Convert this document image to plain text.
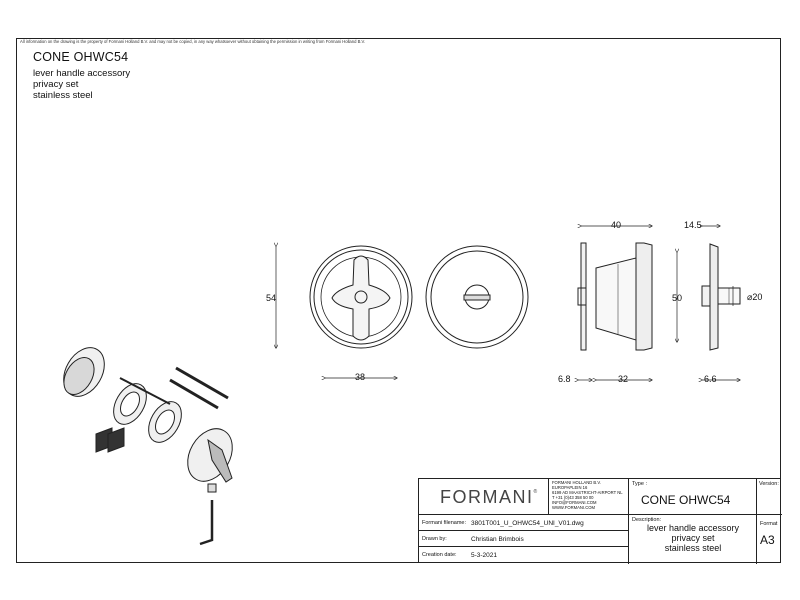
All information on the drawing is the property of Formani Holland B.V. and may not be copied, in any way whatsoever without obtaining the permission in writing from Formani Holland B.V.
CONE OHWC54
lever handle accessory
privacy set
stainless steel
54
38
40
50
6.8	32
14.5
⌀20
6.6
FORMANI®
FORMANI HOLLAND B.V.
EUROPAPLEIN 16
6199 AD MAASTRICHT-AIRPORT NL
T +31 (0)43 358 50 00
INFO@FORMANI.COM
WWW.FORMANI.COM
Type :
CONE OHWC54
Version:
Formani filename: 3801T001_U_OHWC54_UNI_V01.dwg	Description:
lever handle accessory
privacy set
stainless steel
Format
A3
Drawn by:	Christian Brimbois
Creation date: 5-3-2021
